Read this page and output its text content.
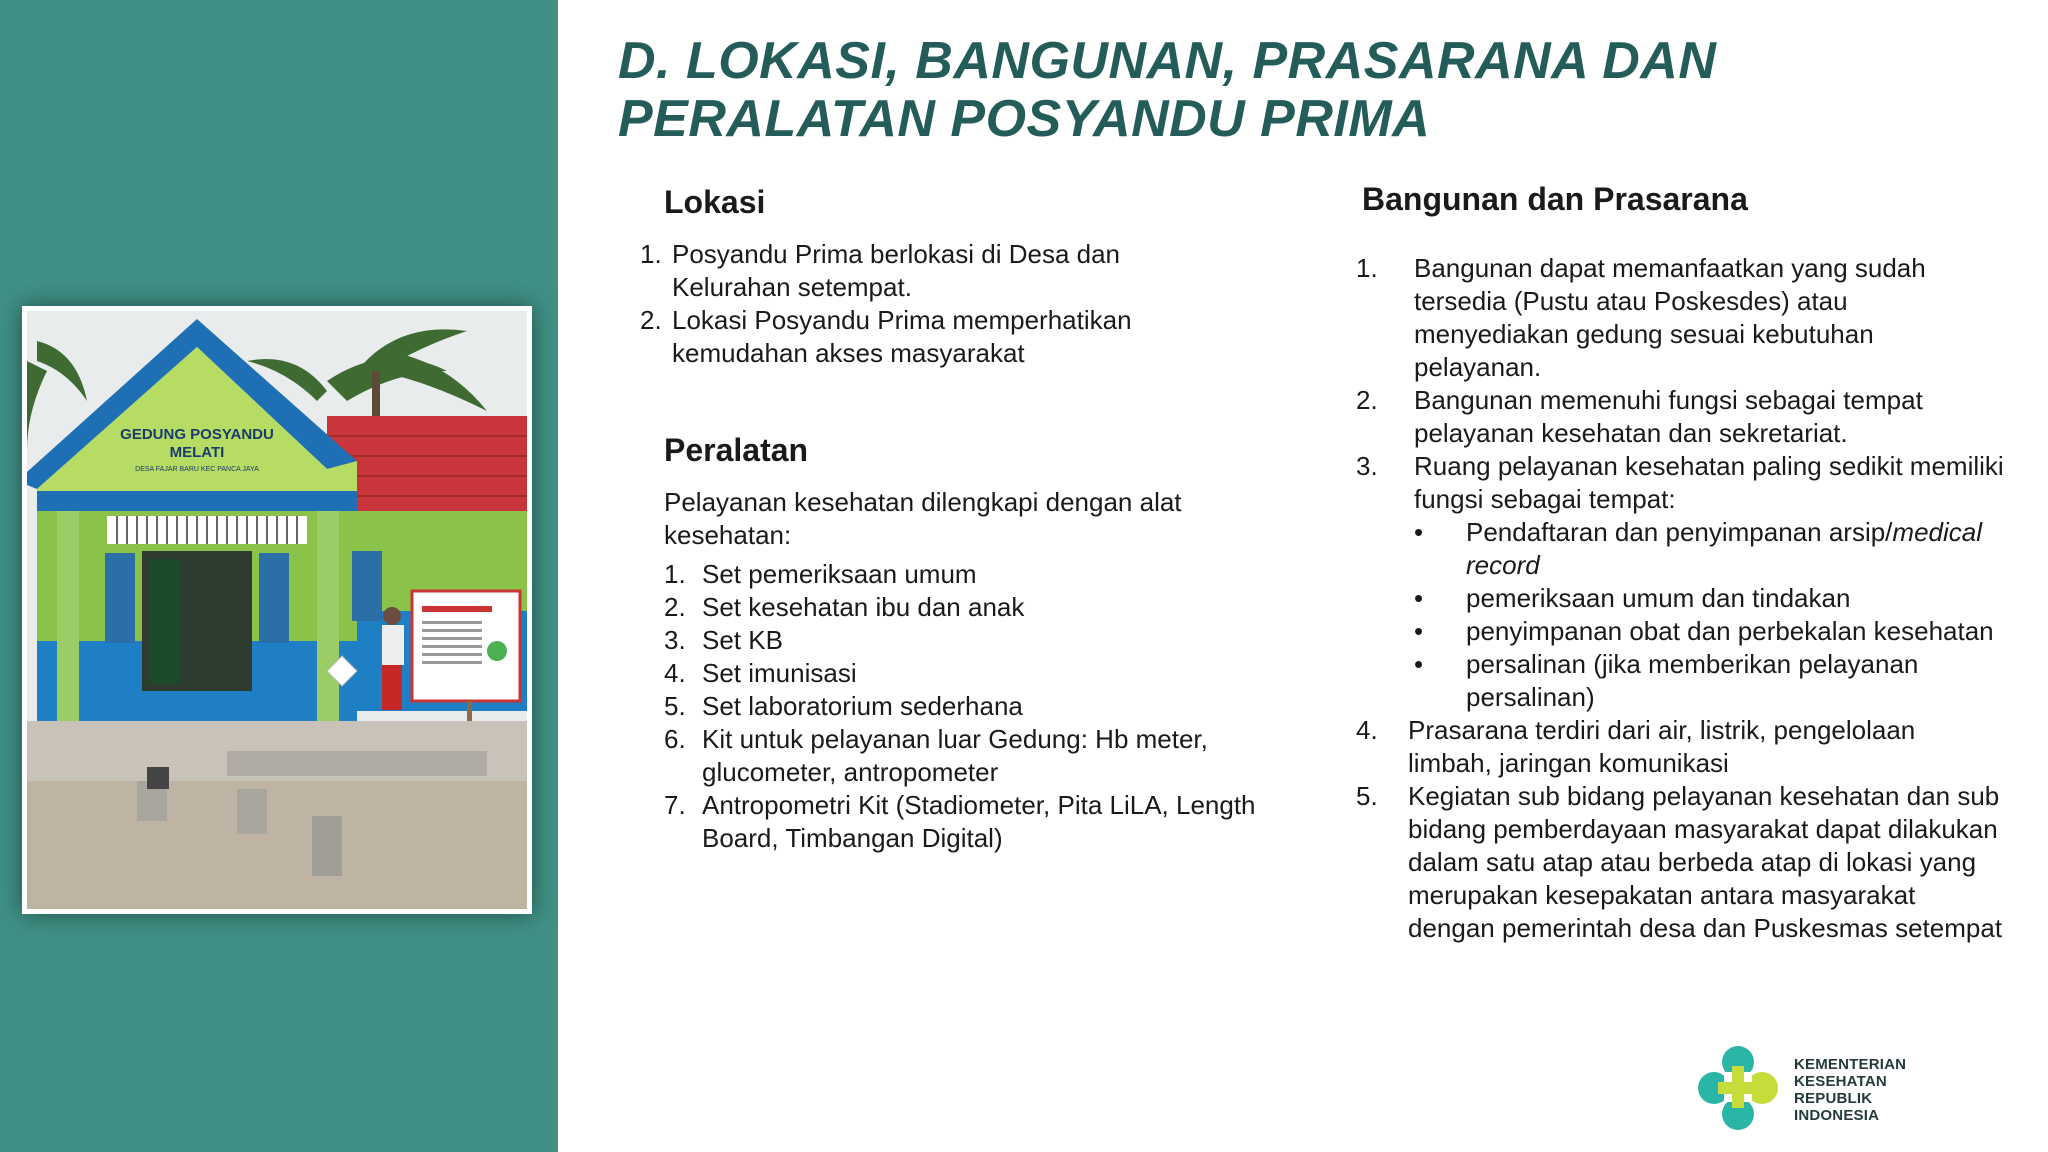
GEDUNG POSYANDU
MELATI
DESA FAJAR BARU KEC PANCA JAYA
D. LOKASI, BANGUNAN, PRASARANA DAN
PERALATAN POSYANDU PRIMA
Lokasi
1. Posyandu Prima berlokasi di Desa dan Kelurahan setempat.
2. Lokasi Posyandu Prima memperhatikan kemudahan akses masyarakat
Peralatan

Pelayanan kesehatan dilengkapi dengan alat kesehatan:

1. Set pemeriksaan umum
2. Set kesehatan ibu dan anak
3. Set KB
4. Set imunisasi
5. Set laboratorium sederhana
6. Kit untuk pelayanan luar Gedung: Hb meter, glucometer, antropometer
7. Antropometri Kit (Stadiometer, Pita LiLA, Length Board, Timbangan Digital)
Bangunan dan Prasarana
1. Bangunan dapat memanfaatkan yang sudah tersedia (Pustu atau Poskesdes) atau menyediakan gedung sesuai kebutuhan pelayanan.
2. Bangunan memenuhi fungsi sebagai tempat pelayanan kesehatan dan sekretariat.
3. Ruang pelayanan kesehatan paling sedikit memiliki fungsi sebagai tempat:
• Pendaftaran dan penyimpanan arsip/medical record
• pemeriksaan umum dan tindakan
• penyimpanan obat dan perbekalan kesehatan
• persalinan (jika memberikan pelayanan persalinan)
4. Prasarana terdiri dari air, listrik, pengelolaan limbah, jaringan komunikasi
5. Kegiatan sub bidang pelayanan kesehatan dan sub bidang pemberdayaan masyarakat dapat dilakukan dalam satu atap atau berbeda atap di lokasi yang merupakan kesepakatan antara masyarakat dengan pemerintah desa dan Puskesmas setempat
KEMENTERIAN
KESEHATAN
REPUBLIK
INDONESIA
